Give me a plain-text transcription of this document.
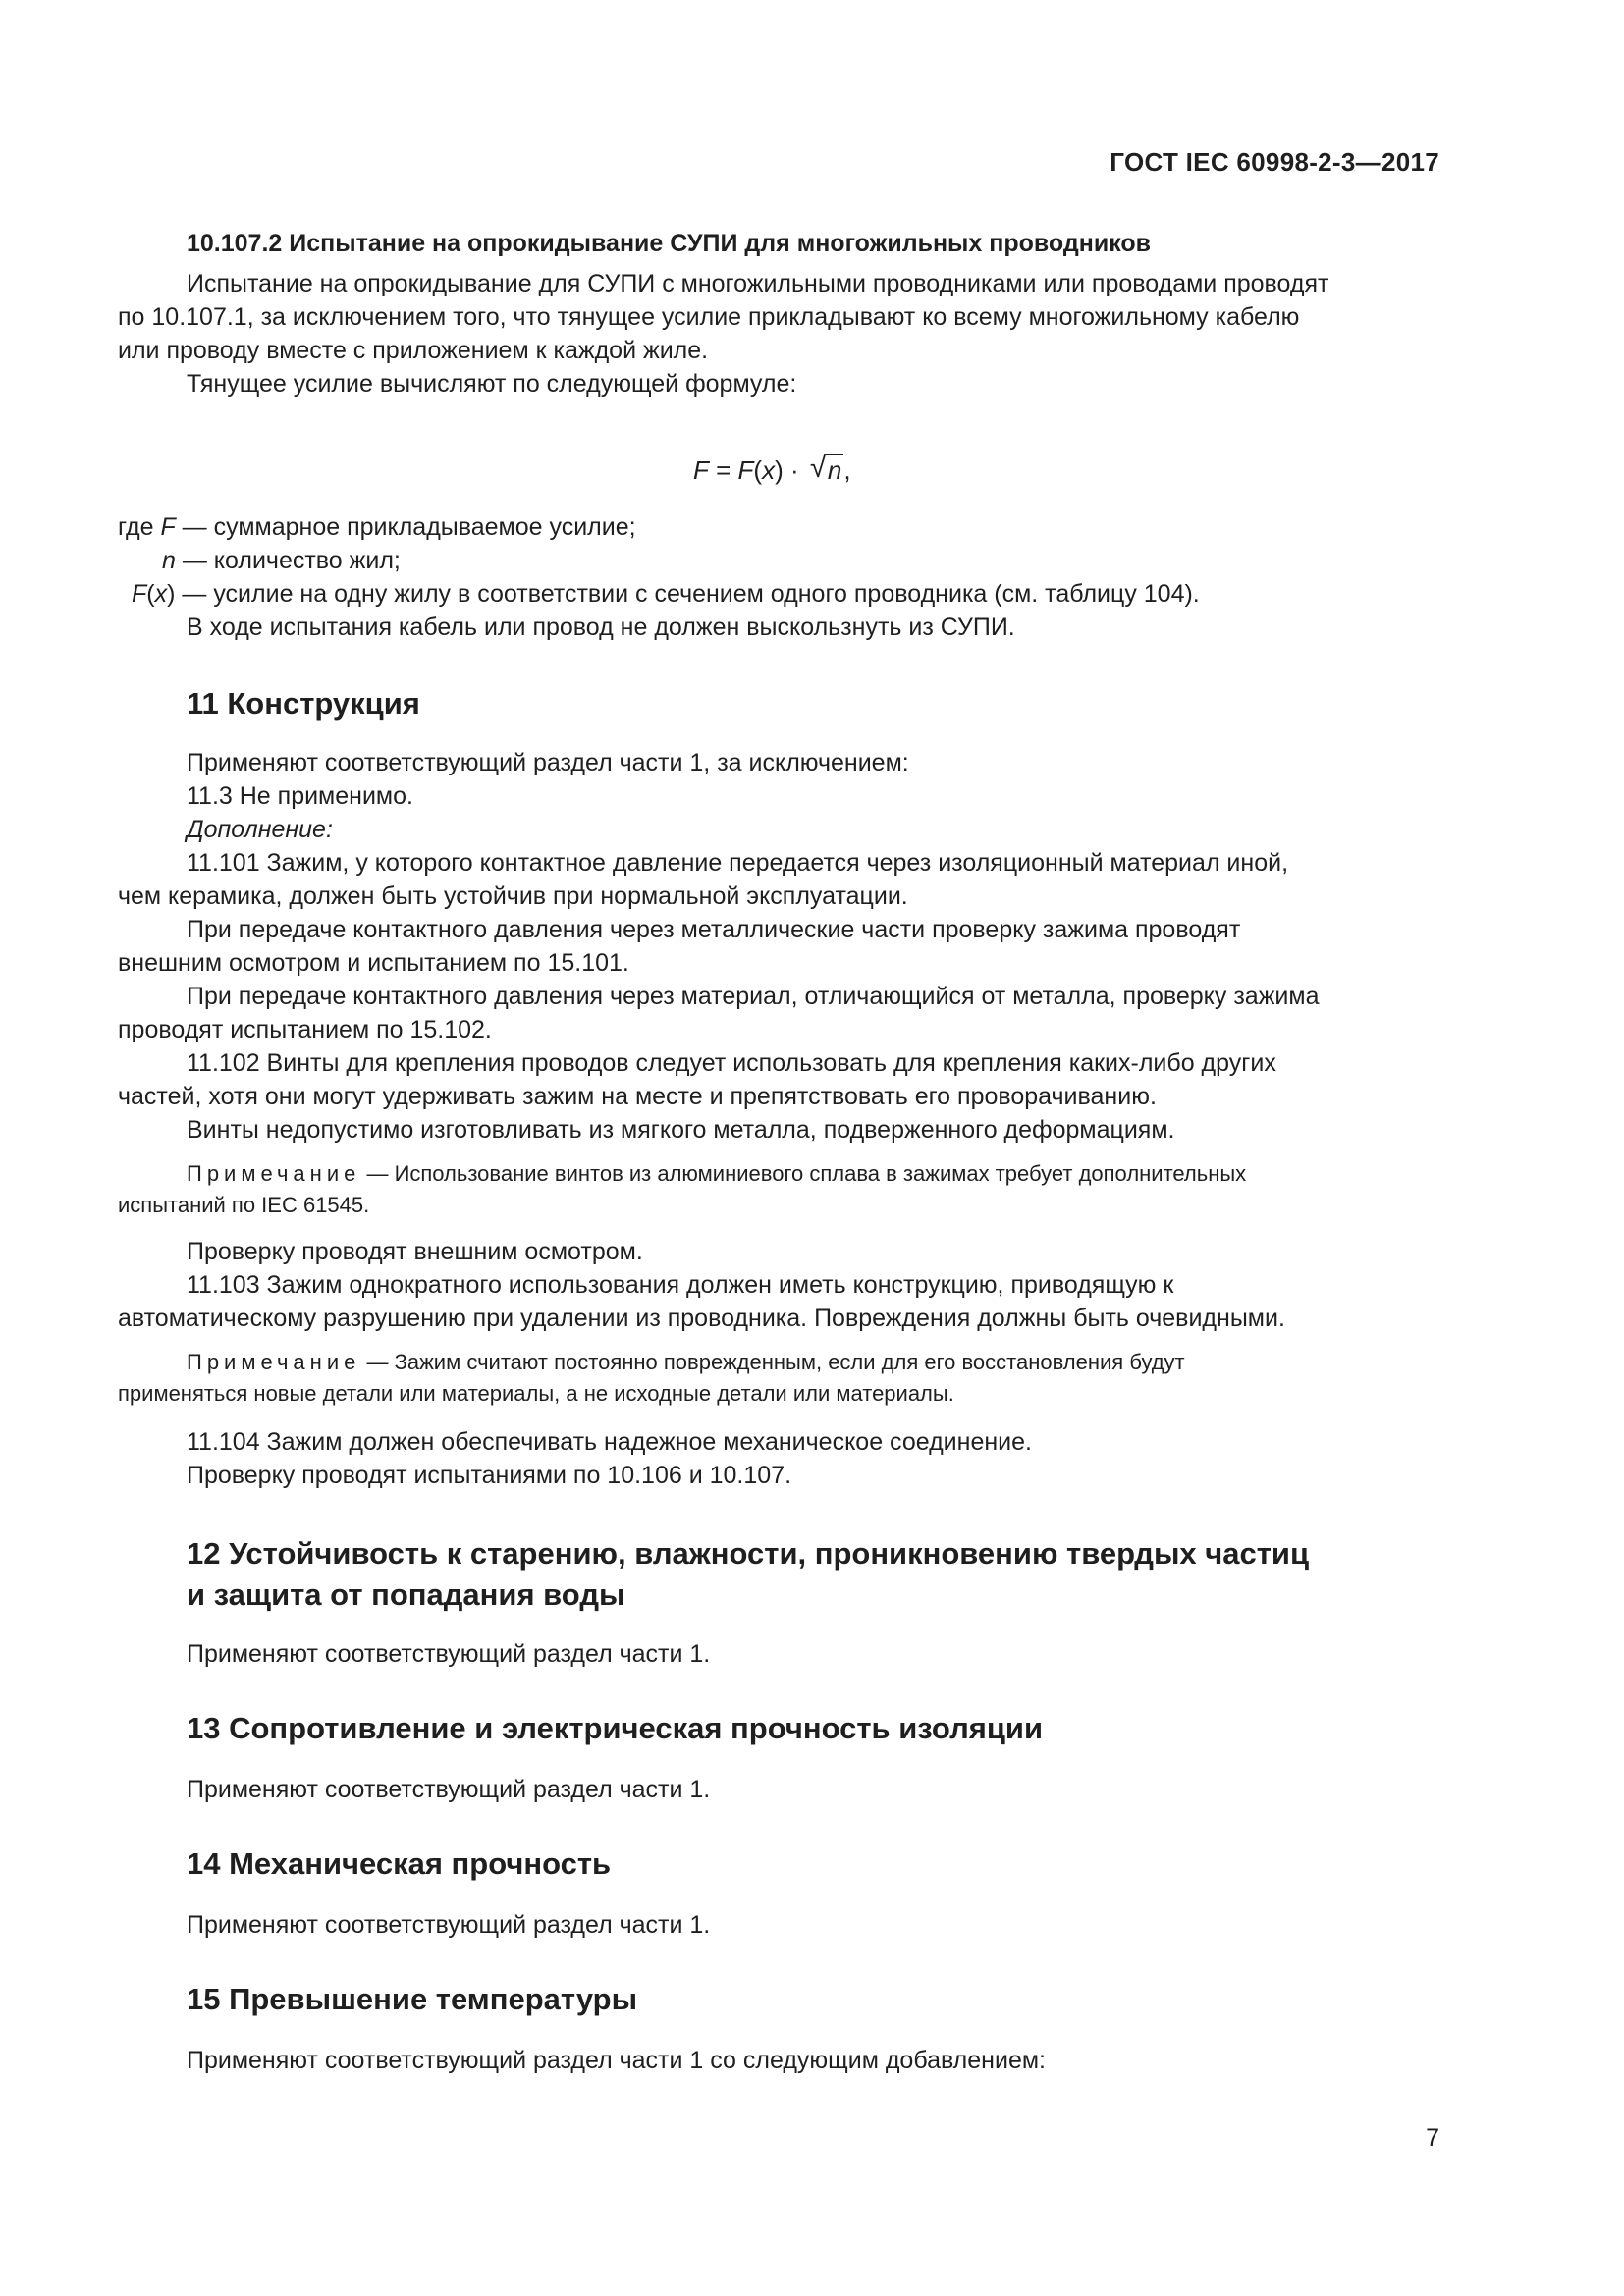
ГОСТ IEC 60998-2-3—2017
10.107.2 Испытание на опрокидывание СУПИ для многожильных проводников
Испытание на опрокидывание для СУПИ с многожильными проводниками или проводами проводят
по 10.107.1, за исключением того, что тянущее усилие прикладывают ко всему многожильному кабелю
или проводу вместе с приложением к каждой жиле.
Тянущее усилие вычисляют по следующей формуле:
F = F(x) · √ n,
где F — суммарное прикладываемое усилие;
n — количество жил;
F(x) — усилие на одну жилу в соответствии с сечением одного проводника (см. таблицу 104).
В ходе испытания кабель или провод не должен выскользнуть из СУПИ.
11 Конструкция
Применяют соответствующий раздел части 1, за исключением:
11.3 Не применимо.
Дополнение:
11.101 Зажим, у которого контактное давление передается через изоляционный материал иной,
чем керамика, должен быть устойчив при нормальной эксплуатации.
При передаче контактного давления через металлические части проверку зажима проводят
внешним осмотром и испытанием по 15.101.
При передаче контактного давления через материал, отличающийся от металла, проверку зажима
проводят испытанием по 15.102.
11.102 Винты для крепления проводов следует использовать для крепления каких-либо других
частей, хотя они могут удерживать зажим на месте и препятствовать его проворачиванию.
Винты недопустимо изготовливать из мягкого металла, подверженного деформациям.
Примечание — Использование винтов из алюминиевого сплава в зажимах требует дополнительных
испытаний по IEC 61545.
Проверку проводят внешним осмотром.
11.103 Зажим однократного использования должен иметь конструкцию, приводящую к
автоматическому разрушению при удалении из проводника. Повреждения должны быть очевидными.
Примечание — Зажим считают постоянно поврежденным, если для его восстановления будут
применяться новые детали или материалы, а не исходные детали или материалы.
11.104 Зажим должен обеспечивать надежное механическое соединение.
Проверку проводят испытаниями по 10.106 и 10.107.
12 Устойчивость к старению, влажности, проникновению твердых частиц
и защита от попадания воды
Применяют соответствующий раздел части 1.
13 Сопротивление и электрическая прочность изоляции
Применяют соответствующий раздел части 1.
14 Механическая прочность
Применяют соответствующий раздел части 1.
15 Превышение температуры
Применяют соответствующий раздел части 1 со следующим добавлением:
7
